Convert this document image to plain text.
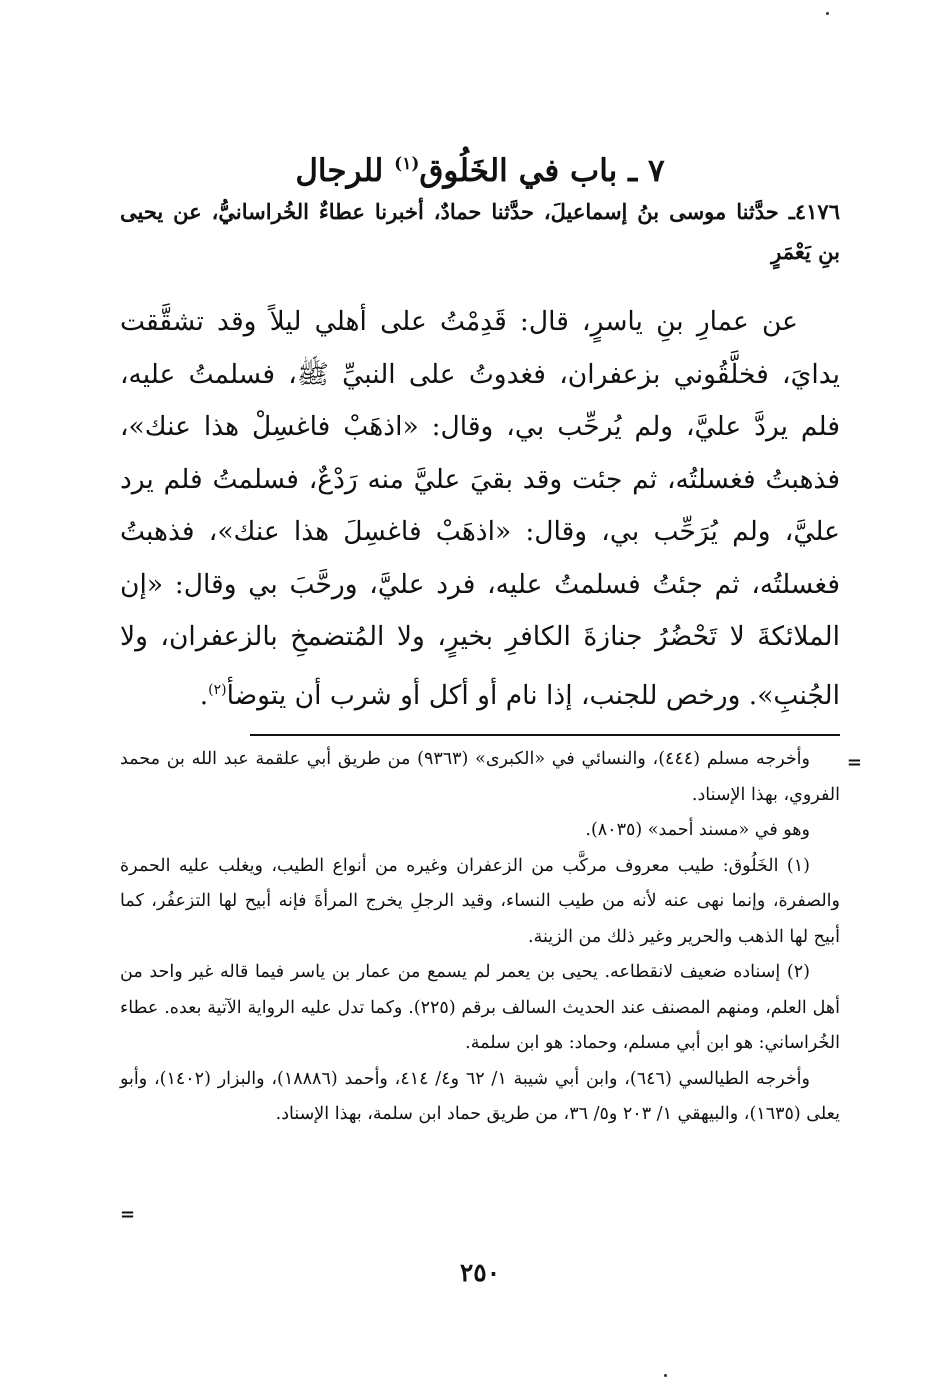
٧ ـ باب في الخَلُوق$^{(١)}$ للرجال
٤١٧٦ـ حدَّثنا موسى بنُ إسماعيلَ، حدَّثنا حمادٌ، أخبرنا عطاءٌ الخُراسانيُّ، عن يحيى بنِ يَعْمَرٍ
عن عمارِ بنِ ياسرٍ، قال: قَدِمْتُ على أهلي ليلاً وقد تشقَّقت يدايَ، فخلَّقُوني بزعفران، فغدوتُ على النبيِّ ﷺ، فسلمتُ عليه، فلم يردَّ عليَّ، ولم يُرحِّب بي، وقال: «اذهَبْ فاغسِلْ هذا عنك»، فذهبتُ فغسلتُه، ثم جئت وقد بقيَ عليَّ منه رَدْعٌ، فسلمتُ فلم يرد عليَّ، ولم يُرَحِّب بي، وقال: «اذهَبْ فاغسِلَ هذا عنك»، فذهبتُ فغسلتُه، ثم جئتُ فسلمتُ عليه، فرد عليَّ، ورحَّبَ بي وقال: «إن الملائكةَ لا تَحْضُرُ جنازةَ الكافرِ بخيرٍ، ولا المُتضمخِ بالزعفران، ولا الجُنبِ». ورخص للجنب، إذا نام أو أكل أو شرب أن يتوضأ$^{(٢)}$.
=

وأخرجه مسلم (٤٤٤)، والنسائي في «الكبرى» (٩٣٦٣) من طريق أبي علقمة عبد الله بن محمد الفروي، بهذا الإسناد.

وهو في «مسند أحمد» (٨٠٣٥).

(١) الخَلُوق: طيب معروف مركَّب من الزعفران وغيره من أنواع الطيب، ويغلب عليه الحمرة والصفرة، وإنما نهى عنه لأنه من طيب النساء، وقيد الرجلِ يخرج المرأةَ فإنه أبيح لها التزعفُر، كما أبيح لها الذهب والحرير وغير ذلك من الزينة.

(٢) إسناده ضعيف لانقطاعه. يحيى بن يعمر لم يسمع من عمار بن ياسر فيما قاله غير واحد من أهل العلم، ومنهم المصنف عند الحديث السالف برقم (٢٢٥). وكما تدل عليه الرواية الآتية بعده. عطاء الخُراساني: هو ابن أبي مسلم، وحماد: هو ابن سلمة.

وأخرجه الطيالسي (٦٤٦)، وابن أبي شيبة ١/ ٦٢ و٤/ ٤١٤، وأحمد (١٨٨٨٦)، والبزار (١٤٠٢)، وأبو يعلى (١٦٣٥)، والبيهقي ١/ ٢٠٣ و٥/ ٣٦، من طريق حماد ابن سلمة، بهذا الإسناد.

=
٢٥٠
